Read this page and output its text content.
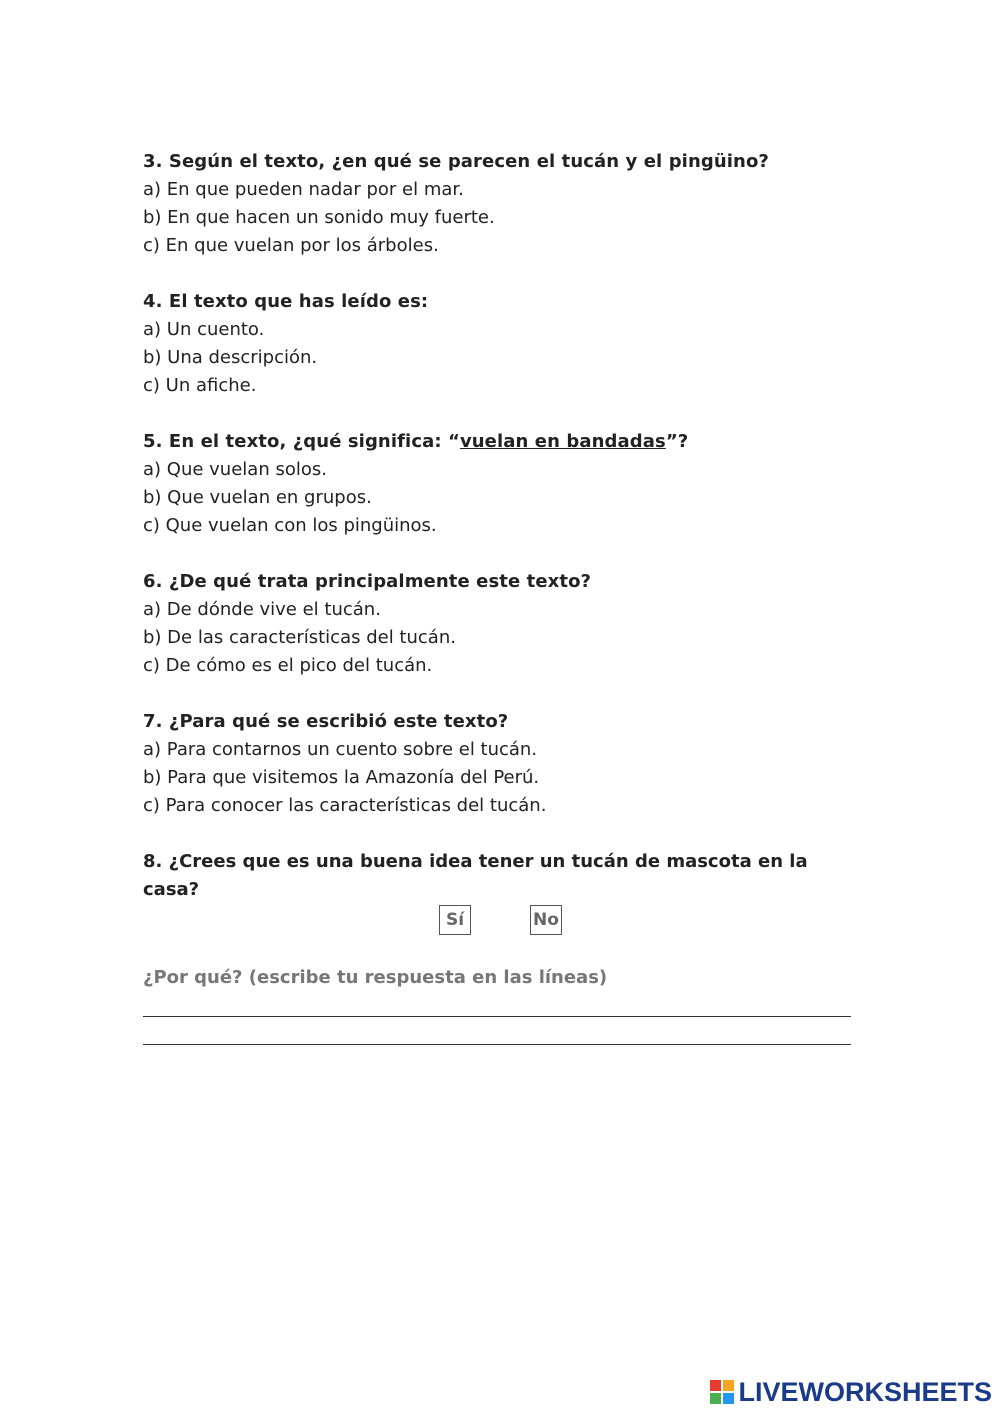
3. Según el texto, ¿en qué se parecen el tucán y el pingüino?

a) En que pueden nadar por el mar.

b) En que hacen un sonido muy fuerte.

c) En que vuelan por los árboles.

4. El texto que has leído es:

a) Un cuento.

b) Una descripción.

c) Un afiche.

5. En el texto, ¿qué significa: “vuelan en bandadas”?

a) Que vuelan solos.

b) Que vuelan en grupos.

c) Que vuelan con los pingüinos.

6. ¿De qué trata principalmente este texto?

a) De dónde vive el tucán.

b) De las características del tucán.

c) De cómo es el pico del tucán.

7. ¿Para qué se escribió este texto?

a) Para contarnos un cuento sobre el tucán.

b) Para que visitemos la Amazonía del Perú.

c) Para conocer las características del tucán.

8. ¿Crees que es una buena idea tener un tucán de mascota en la casa?

Sí	No
¿Por qué? (escribe tu respuesta en las líneas)
LIVEWORKSHEETS
